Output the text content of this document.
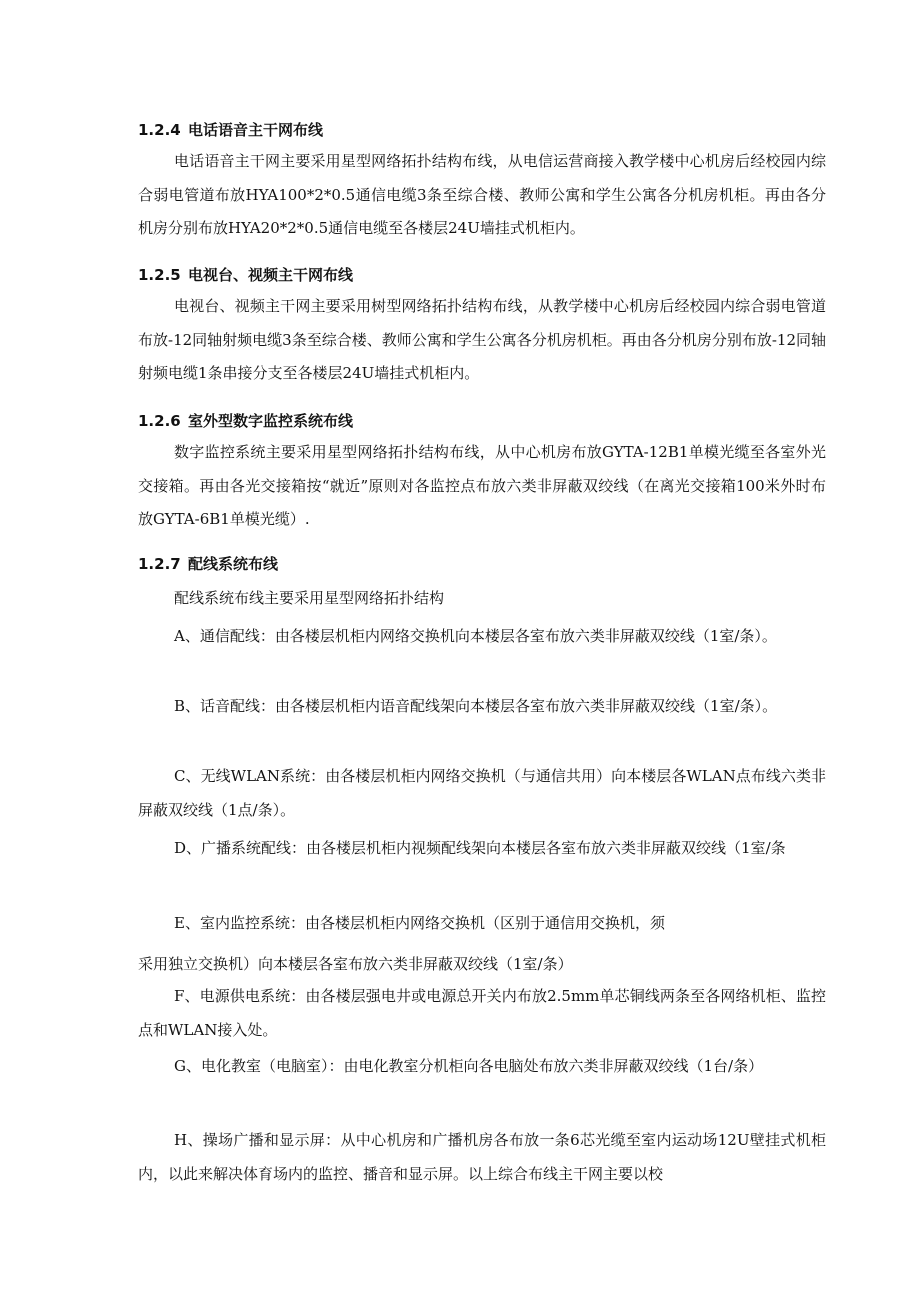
1.2.4 电话语音主干网布线

电话语音主干网主要采用星型网络拓扑结构布线，从电信运营商接入教学楼中心机房后经校园内综合弱电管道布放HYA100*2*0.5通信电缆3条至综合楼、教师公寓和学生公寓各分机房机柜。再由各分机房分别布放HYA20*2*0.5通信电缆至各楼层24U墙挂式机柜内。

1.2.5 电视台、视频主干网布线

电视台、视频主干网主要采用树型网络拓扑结构布线，从教学楼中心机房后经校园内综合弱电管道布放-12同轴射频电缆3条至综合楼、教师公寓和学生公寓各分机房机柜。再由各分机房分别布放-12同轴射频电缆1条串接分支至各楼层24U墙挂式机柜内。

1.2.6 室外型数字监控系统布线

数字监控系统主要采用星型网络拓扑结构布线，从中心机房布放GYTA-12B1单模光缆至各室外光交接箱。再由各光交接箱按“就近”原则对各监控点布放六类非屏蔽双绞线（在离光交接箱100米外时布放GYTA-6B1单模光缆）.

1.2.7 配线系统布线

配线系统布线主要采用星型网络拓扑结构

A、通信配线：由各楼层机柜内网络交换机向本楼层各室布放六类非屏蔽双绞线（1室/条）。

B、话音配线：由各楼层机柜内语音配线架向本楼层各室布放六类非屏蔽双绞线（1室/条）。

C、无线WLAN系统：由各楼层机柜内网络交换机（与通信共用）向本楼层各WLAN点布线六类非屏蔽双绞线（1点/条）。

D、广播系统配线：由各楼层机柜内视频配线架向本楼层各室布放六类非屏蔽双绞线（1室/条

E、室内监控系统：由各楼层机柜内网络交换机（区别于通信用交换机，须
采用独立交换机）向本楼层各室布放六类非屏蔽双绞线（1室/条）

F、电源供电系统：由各楼层强电井或电源总开关内布放2.5mm单芯铜线两条至各网络机柜、监控点和WLAN接入处。

G、电化教室（电脑室）：由电化教室分机柜向各电脑处布放六类非屏蔽双绞线（1台/条）

H、操场广播和显示屏：从中心机房和广播机房各布放一条6芯光缆至室内运动场12U壁挂式机柜内，以此来解决体育场内的监控、播音和显示屏。以上综合布线主干网主要以校
